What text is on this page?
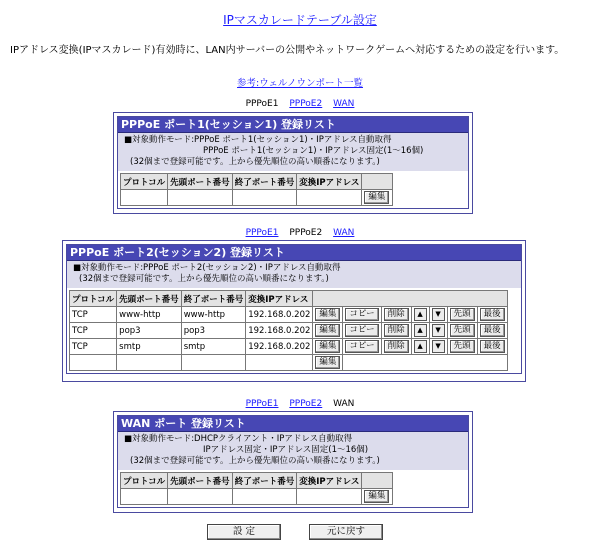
IPマスカレードテーブル設定
IPアドレス変換(IPマスカレード)有効時に、LAN内サーバーの公開やネットワークゲームへ対応するための設定を行います。
参考:ウェルノウンポート一覧
PPPoE1 PPPoE2 WAN
PPPoE ポート1(セッション1) 登録リスト
■対象動作モード:PPPoE ポート1(セッション1)・IPアドレス自動取得
PPPoE ポート1(セッション1)・IPアドレス固定(1～16個)
(32個まで登録可能です。上から優先順位の高い順番になります。)
プロトコル	先頭ポート番号	終了ポート番号	変換IPアドレス	
				編集
PPPoE1 PPPoE2 WAN
PPPoE ポート2(セッション2) 登録リスト
■対象動作モード:PPPoE ポート2(セッション2)・IPアドレス自動取得
(32個まで登録可能です。上から優先順位の高い順番になります。)
プロトコル	先頭ポート番号	終了ポート番号	変換IPアドレス							
TCP	www-http	www-http	192.168.0.202	編集	コピー	削除	▲	▼	先頭	最後
TCP	pop3	pop3	192.168.0.202	編集	コピー	削除	▲	▼	先頭	最後
TCP	smtp	smtp	192.168.0.202	編集	コピー	削除	▲	▼	先頭	最後
				編集						
PPPoE1 PPPoE2 WAN
WAN ポート 登録リスト
■対象動作モード:DHCPクライアント・IPアドレス自動取得
IPアドレス固定・IPアドレス固定(1～16個)
(32個まで登録可能です。上から優先順位の高い順番になります。)
プロトコル	先頭ポート番号	終了ポート番号	変換IPアドレス	
				編集
設 定	元に戻す
